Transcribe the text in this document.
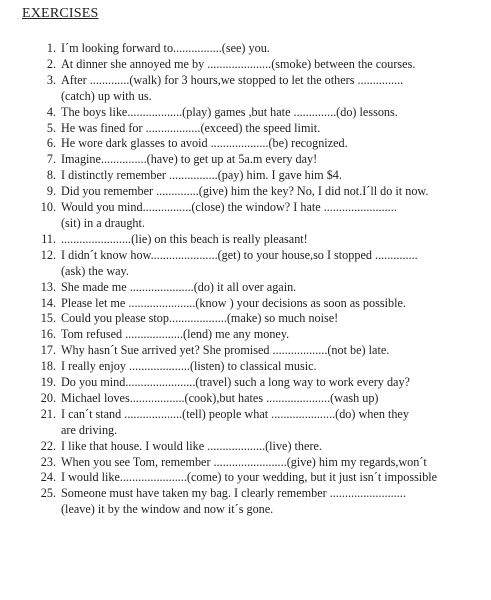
EXERCISES
1. I´m looking forward to................(see) you.
2. At dinner she annoyed me by .....................(smoke) between the courses.
3. After .............(walk) for 3 hours,we stopped to let the others ...............
(catch) up with us.
4. The boys like..................(play) games ,but hate ..............(do) lessons.
5. He was fined for ..................(exceed) the speed limit.
6. He wore dark glasses to avoid ...................(be) recognized.
7. Imagine...............(have) to get up at 5a.m every day!
8. I distinctly remember ................(pay) him. I gave him $4.
9. Did you remember ..............(give) him the key? No, I did not.I´ll do it now.
10. Would you mind................(close) the window? I hate ........................
(sit) in a draught.
11. .......................(lie) on this beach is really pleasant!
12. I didn´t know how......................(get) to your house,so I stopped ..............
(ask) the way.
13. She made me .....................(do) it all over again.
14. Please let me ......................(know ) your decisions as soon as possible.
15. Could you please stop...................(make) so much noise!
16. Tom refused ...................(lend) me any money.
17. Why hasn´t Sue arrived yet? She promised ..................(not be) late.
18. I really enjoy ....................(listen) to classical music.
19. Do you mind.......................(travel) such a long way to work every day?
20. Michael loves..................(cook),but hates .....................(wash up)
21. I can´t stand ...................(tell) people what .....................(do) when they
are driving.
22. I like that house. I would like ...................(live) there.
23. When you see Tom, remember ........................(give) him my regards,won´t
24. I would like......................(come) to your wedding, but it just isn´t impossible
25. Someone must have taken my bag. I clearly remember .........................
(leave) it by the window and now it´s gone.
